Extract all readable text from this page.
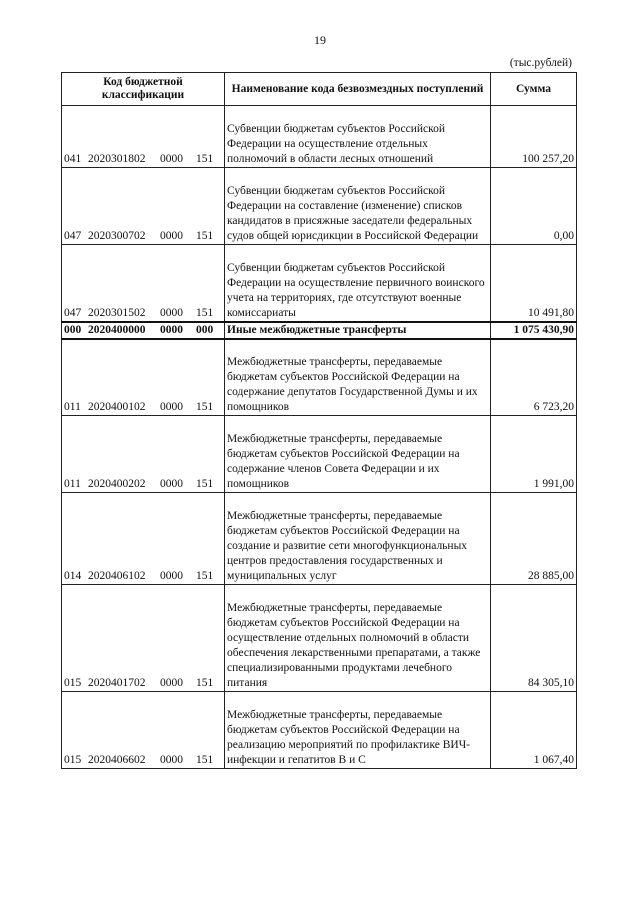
19
(тыс.рублей)
Код бюджетной классификации	Наименование кода безвозмездных поступлений	Сумма
041 2020301802 0000 151	Субвенции бюджетам субъектов Российской Федерации на осуществление отдельных полномочий в области лесных отношений	100 257,20
047 2020300702 0000 151	Субвенции бюджетам субъектов Российской Федерации на составление (изменение) списков кандидатов в присяжные заседатели федеральных судов общей юрисдикции в Российской Федерации	0,00
047 2020301502 0000 151	Субвенции бюджетам субъектов Российской Федерации на осуществление первичного воинского учета на территориях, где отсутствуют военные комиссариаты	10 491,80
000 2020400000 0000 000	Иные межбюджетные трансферты	1 075 430,90
011 2020400102 0000 151	Межбюджетные трансферты, передаваемые бюджетам субъектов Российской Федерации на содержание депутатов Государственной Думы и их помощников	6 723,20
011 2020400202 0000 151	Межбюджетные трансферты, передаваемые бюджетам субъектов Российской Федерации на содержание членов Совета Федерации и их помощников	1 991,00
014 2020406102 0000 151	Межбюджетные трансферты, передаваемые бюджетам субъектов Российской Федерации на создание и развитие сети многофункциональных центров предоставления государственных и муниципальных услуг	28 885,00
015 2020401702 0000 151	Межбюджетные трансферты, передаваемые бюджетам субъектов Российской Федерации на осуществление отдельных полномочий в области обеспечения лекарственными препаратами, а также специализированными продуктами лечебного питания	84 305,10
015 2020406602 0000 151	Межбюджетные трансферты, передаваемые бюджетам субъектов Российской Федерации на реализацию мероприятий по профилактике ВИЧ-инфекции и гепатитов B и C	1 067,40
